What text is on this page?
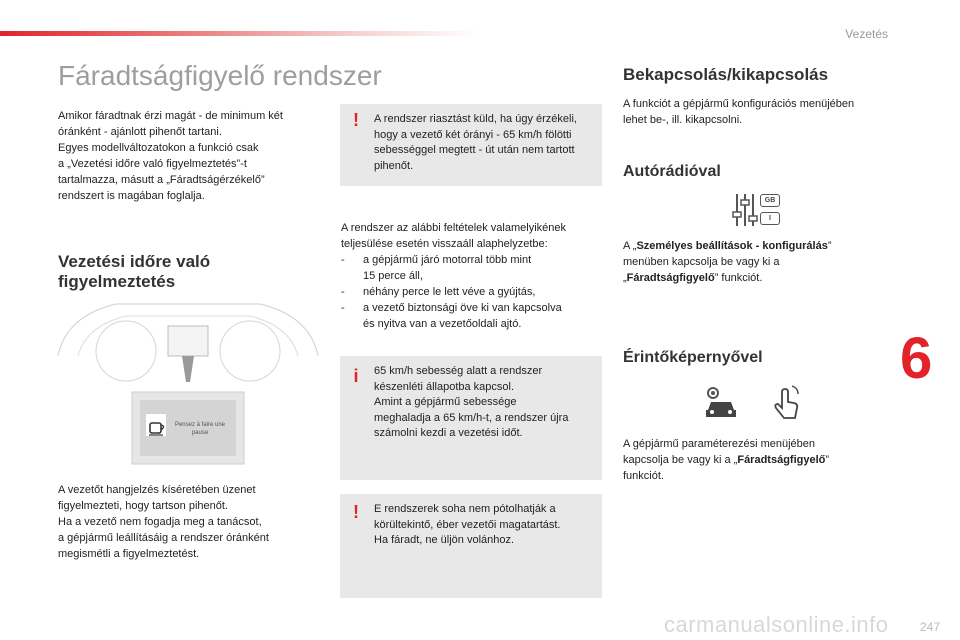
Vezetés
Fáradtságfigyelő rendszer

Amikor fáradtnak érzi magát - de minimum két
óránként - ajánlott pihenőt tartani.
Egyes modellváltozatokon a funkció csak
a „Vezetési időre való figyelmeztetés”-t
tartalmazza, másutt a „Fáradtságérzékelő”
rendszert is magában foglalja.

Vezetési időre való
figyelmeztetés
Pensez à faire une
pause

A vezetőt hangjelzés kíséretében üzenet
figyelmezteti, hogy tartson pihenőt.
Ha a vezető nem fogadja meg a tanácsot,
a gépjármű leállításáig a rendszer óránként
megismétli a figyelmeztetést.

!	A rendszer riasztást küld, ha úgy érzékeli,
hogy a vezető két órányi - 65 km/h fölötti
sebességgel megtett - út után nem tartott
pihenőt.
A rendszer az alábbi feltételek valamelyikének
teljesülése esetén visszaáll alaphelyzetbe:
- a gépjármű járó motorral több mint
15 perce áll,
- néhány perce le lett véve a gyújtás,
- a vezető biztonsági öve ki van kapcsolva
és nyitva van a vezetőoldali ajtó.
i	65 km/h sebesség alatt a rendszer
készenléti állapotba kapcsol.
Amint a gépjármű sebessége
meghaladja a 65 km/h-t, a rendszer újra
számolni kezdi a vezetési időt.
!	E rendszerek soha nem pótolhatják a
körültekintő, éber vezetői magatartást.
Ha fáradt, ne üljön volánhoz.
Bekapcsolás/kikapcsolás

A funkciót a gépjármű konfigurációs menüjében
lehet be-, ill. kikapcsolni.

Autórádióval
GB
I

A „Személyes beállítások - konfigurálás”
menüben kapcsolja be vagy ki a
„Fáradtságfigyelő” funkciót.

Érintőképernyővel

A gépjármű paraméterezési menüjében
kapcsolja be vagy ki a „Fáradtságfigyelő”
funkciót.

6
247
carmanualsonline.info
